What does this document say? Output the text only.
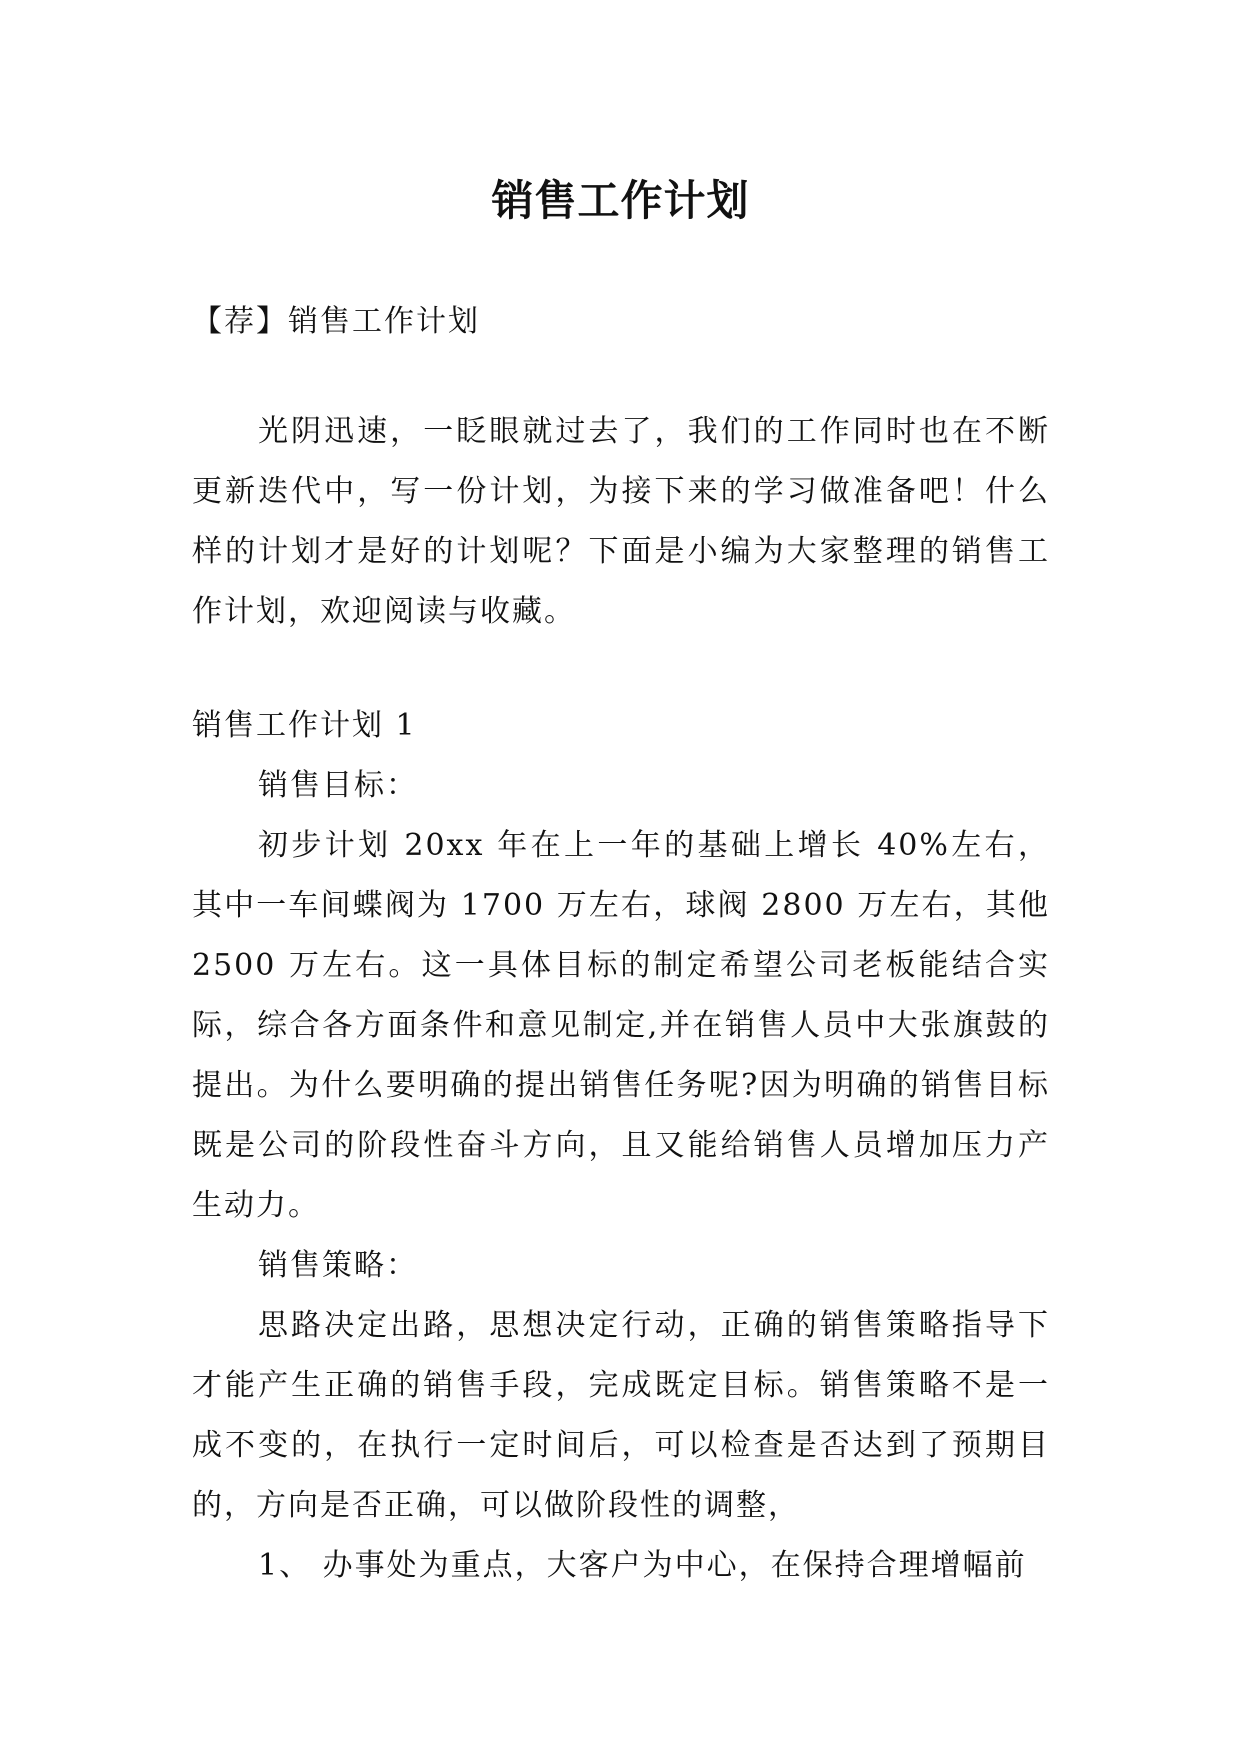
销售工作计划

【荐】销售工作计划

光阴迅速，一眨眼就过去了，我们的工作同时也在不断更新迭代中，写一份计划，为接下来的学习做准备吧！什么样的计划才是好的计划呢？下面是小编为大家整理的销售工作计划，欢迎阅读与收藏。

销售工作计划 1

销售目标：

初步计划 20xx 年在上一年的基础上增长 40%左右，其中一车间蝶阀为 1700 万左右，球阀 2800 万左右，其他 2500 万左右。这一具体目标的制定希望公司老板能结合实际，综合各方面条件和意见制定,并在销售人员中大张旗鼓的提出。为什么要明确的提出销售任务呢?因为明确的销售目标既是公司的阶段性奋斗方向，且又能给销售人员增加压力产生动力。

销售策略：

思路决定出路，思想决定行动，正确的销售策略指导下才能产生正确的销售手段，完成既定目标。销售策略不是一成不变的，在执行一定时间后，可以检查是否达到了预期目的，方向是否正确，可以做阶段性的调整，

1、 办事处为重点，大客户为中心，在保持合理增幅前
